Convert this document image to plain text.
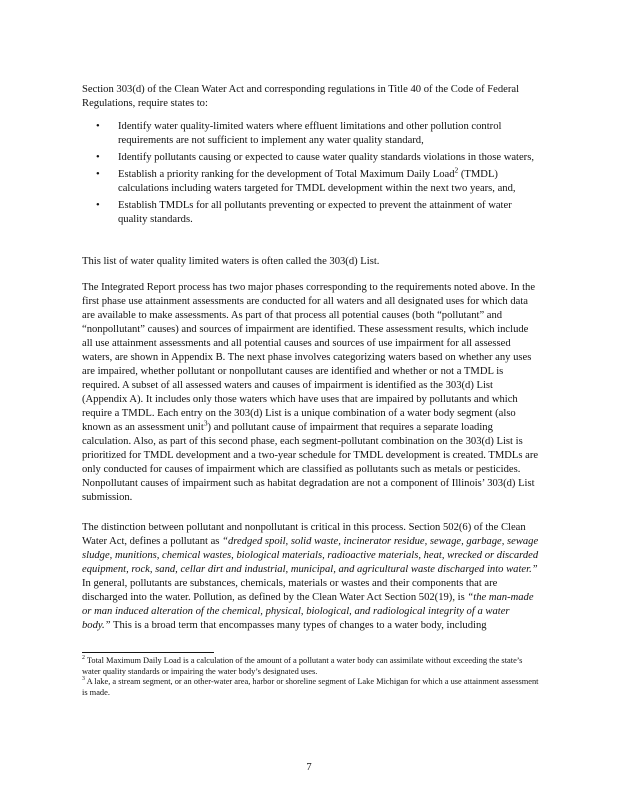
Section 303(d) of the Clean Water Act and corresponding regulations in Title 40 of the Code of Federal Regulations, require states to:

• Identify water quality-limited waters where effluent limitations and other pollution control requirements are not sufficient to implement any water quality standard,
• Identify pollutants causing or expected to cause water quality standards violations in those waters,
• Establish a priority ranking for the development of Total Maximum Daily Load$^2$ (TMDL) calculations including waters targeted for TMDL development within the next two years, and,
• Establish TMDLs for all pollutants preventing or expected to prevent the attainment of water quality standards.

This list of water quality limited waters is often called the 303(d) List.

The Integrated Report process has two major phases corresponding to the requirements noted above. In the first phase use attainment assessments are conducted for all waters and all designated uses for which data are available to make assessments. As part of that process all potential causes (both “pollutant” and “nonpollutant” causes) and sources of impairment are identified. These assessment results, which include all use attainment assessments and all potential causes and sources of use impairment for all assessed waters, are shown in Appendix B. The next phase involves categorizing waters based on whether any uses are impaired, whether pollutant or nonpollutant causes are identified and whether or not a TMDL is required. A subset of all assessed waters and causes of impairment is identified as the 303(d) List (Appendix A). It includes only those waters which have uses that are impaired by pollutants and which require a TMDL. Each entry on the 303(d) List is a unique combination of a water body segment (also known as an assessment unit$^3$) and pollutant cause of impairment that requires a separate loading calculation. Also, as part of this second phase, each segment-pollutant combination on the 303(d) List is prioritized for TMDL development and a two-year schedule for TMDL development is created. TMDLs are only conducted for causes of impairment which are classified as pollutants such as metals or pesticides. Nonpollutant causes of impairment such as habitat degradation are not a component of Illinois’ 303(d) List submission.

The distinction between pollutant and nonpollutant is critical in this process. Section 502(6) of the Clean Water Act, defines a pollutant as “dredged spoil, solid waste, incinerator residue, sewage, garbage, sewage sludge, munitions, chemical wastes, biological materials, radioactive materials, heat, wrecked or discarded equipment, rock, sand, cellar dirt and industrial, municipal, and agricultural waste discharged into water.” In general, pollutants are substances, chemicals, materials or wastes and their components that are discharged into the water. Pollution, as defined by the Clean Water Act Section 502(19), is “the man-made or man induced alteration of the chemical, physical, biological, and radiological integrity of a water body.” This is a broad term that encompasses many types of changes to a water body, including

$^2$ Total Maximum Daily Load is a calculation of the amount of a pollutant a water body can assimilate without exceeding the state’s water quality standards or impairing the water body’s designated uses.

$^3$ A lake, a stream segment, or an other-water area, harbor or shoreline segment of Lake Michigan for which a use attainment assessment is made.

7
